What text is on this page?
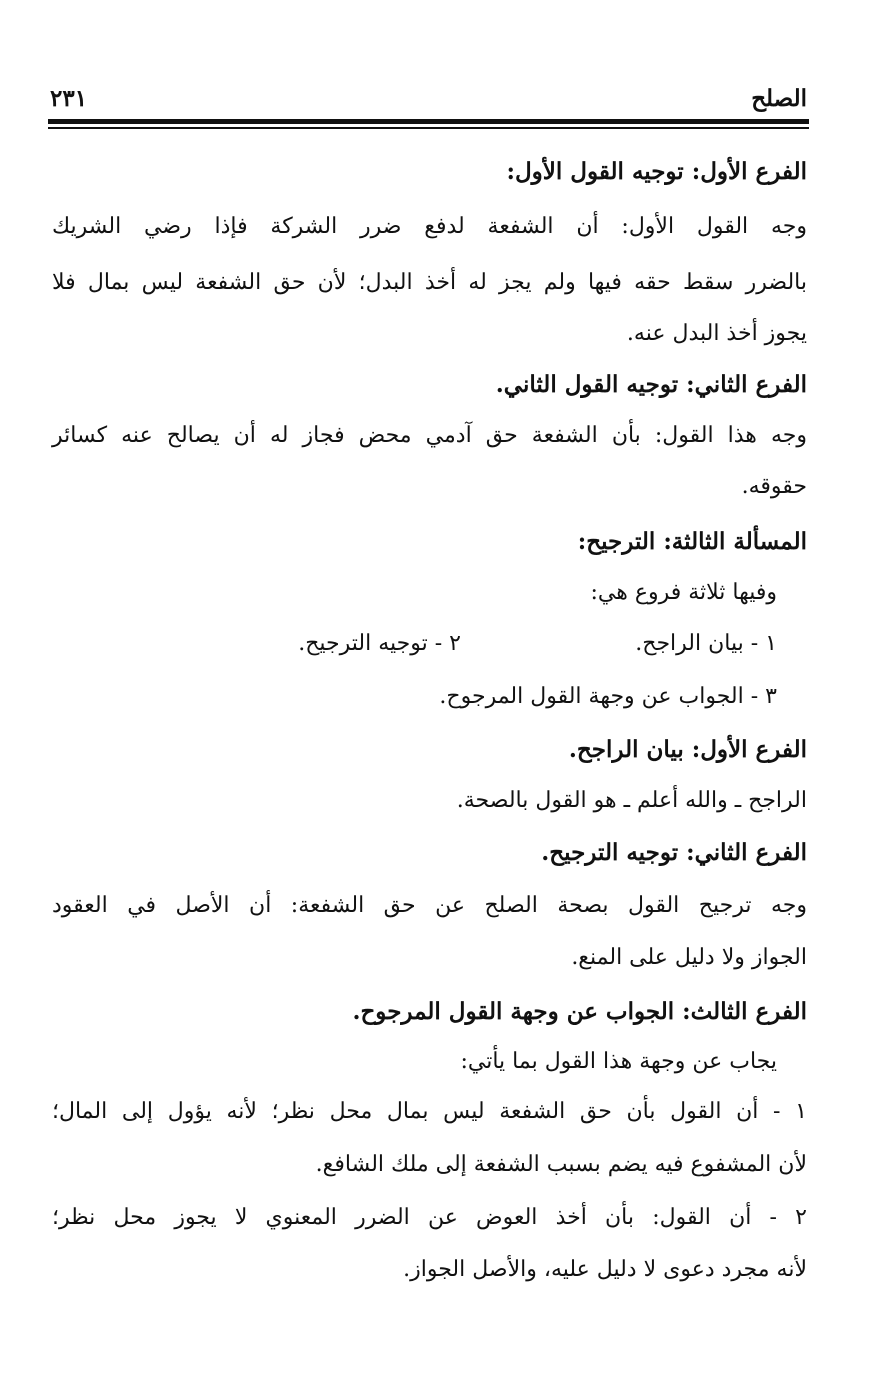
الصلح
٢٣١
الفرع الأول: توجيه القول الأول:
وجه القول الأول: أن الشفعة لدفع ضرر الشركة فإذا رضي الشريك
بالضرر سقط حقه فيها ولم يجز له أخذ البدل؛ لأن حق الشفعة ليس بمال فلا
يجوز أخذ البدل عنه.
الفرع الثاني: توجيه القول الثاني.
وجه هذا القول: بأن الشفعة حق آدمي محض فجاز له أن يصالح عنه كسائر
حقوقه.
المسألة الثالثة: الترجيح:
وفيها ثلاثة فروع هي:
١ - بيان الراجح.
٢ - توجيه الترجيح.
٣ - الجواب عن وجهة القول المرجوح.
الفرع الأول: بيان الراجح.
الراجح ـ والله أعلم ـ هو القول بالصحة.
الفرع الثاني: توجيه الترجيح.
وجه ترجيح القول بصحة الصلح عن حق الشفعة: أن الأصل في العقود
الجواز ولا دليل على المنع.
الفرع الثالث: الجواب عن وجهة القول المرجوح.
يجاب عن وجهة هذا القول بما يأتي:
١ - أن القول بأن حق الشفعة ليس بمال محل نظر؛ لأنه يؤول إلى المال؛
لأن المشفوع فيه يضم بسبب الشفعة إلى ملك الشافع.
٢ - أن القول: بأن أخذ العوض عن الضرر المعنوي لا يجوز محل نظر؛
لأنه مجرد دعوى لا دليل عليه، والأصل الجواز.
